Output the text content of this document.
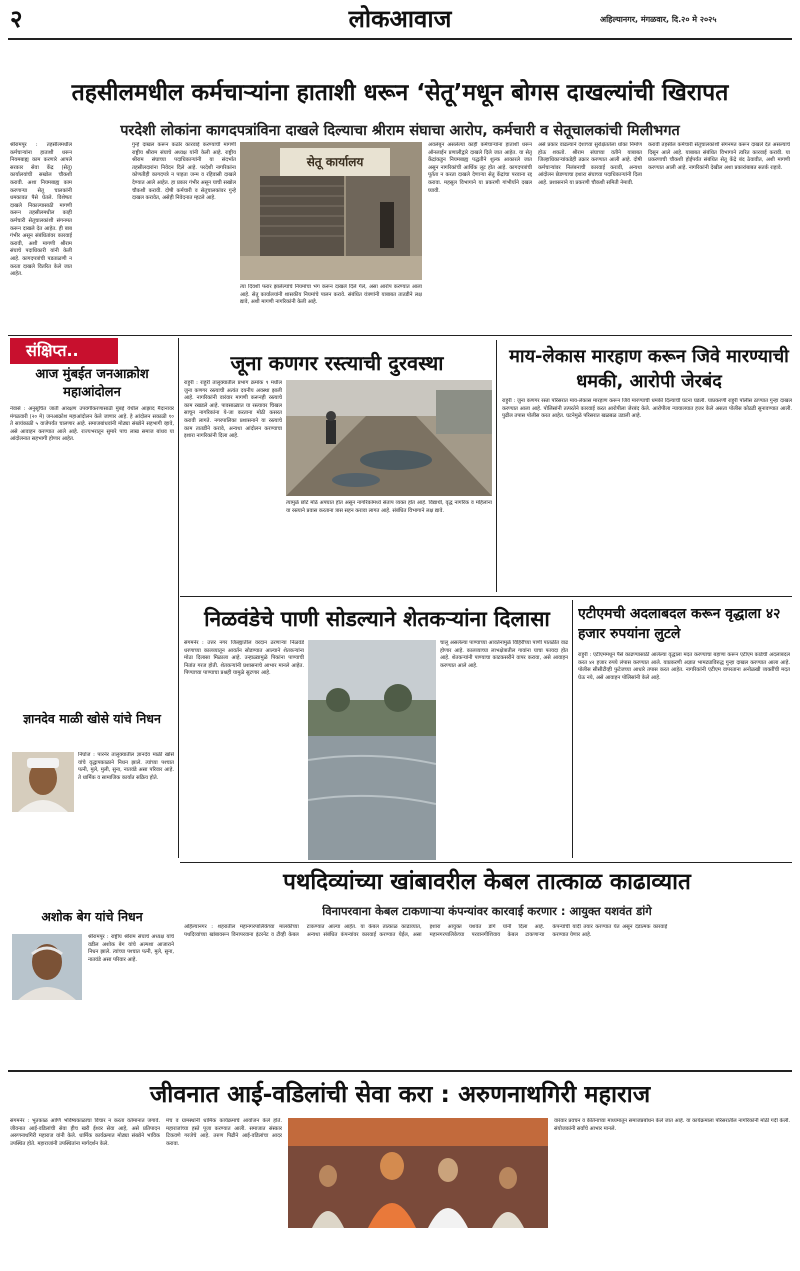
२	लोकआवाज	अहिल्यानगर, मंगळवार, दि.२० मे २०२५
तहसीलमधील कर्मचाऱ्यांना हाताशी धरून ‘सेतू’मधून बोगस दाखल्यांची खिरापत
परदेशी लोकांना कागदपत्रांविना दाखले दिल्याचा श्रीराम संघाचा आरोप, कर्मचारी व सेतूचालकांची मिलीभगत
श्रीरामपूर : तहसीलमधील कर्मचाऱ्यांना हाताशी धरून नियमबाह्य काम करणारे आपले सरकार सेवा केंद्र (सेतू) कार्यालयांची सखोल चौकशी करावी. अशा नियमबाह्य काम करणाऱ्या सेतू चालकांनी धमकावत पैसे घेतले. विशेषतः दाखले निकाल्यासाठी मागणी करून तहसीलमधील काही कर्मचारी सेतूचालकांशी संगनमत करून दाखले देत आहेत. ही बाब गंभीर असून संबंधितांवर कारवाई करावी, अशी मागणी श्रीराम संघाचे पदाधिकारी यांनी केली आहे. कागदपत्रांची पडताळणी न करता दाखले वितरित केले जात आहेत.
गुन्हे दाखल करून कठोर कारवाई करण्याची मागणी राष्ट्रीय श्रीराम संघाचे अध्यक्ष यांनी केली आहे. राष्ट्रीय श्रीराम संघाच्या पदाधिकाऱ्यांनी या संदर्भात तहसीलदारांना निवेदन दिले आहे. परदेशी नागरिकांना कोणतीही कागदपत्रे न पाहता जन्म व रहिवासी दाखले देण्यात आले आहेत. हा प्रकार गंभीर असून याची सखोल चौकशी करावी. दोषी कर्मचारी व सेतूचालकांवर गुन्हे दाखल करावेत, असेही निवेदनात म्हटले आहे.
सेतू कार्यालय
त्या दिवशी फरार झालेल्यांचे नियमांचा भंग करून दाखले दिले गेले, असा आरोप करण्यात आला आहे. सेतू कार्यालयांनी शासकीय नियमांचे पालन करावे. संबंधित यंत्रणांनी याबाबत तातडीने लक्ष द्यावे, अशी मागणी नागरिकांनी केली आहे.
अवलंबून असलेल्या काही कर्मचाऱ्यांना हाताशी धरून ऑनलाईन प्रणालीद्वारे दाखले दिले जात आहेत. या सेतू केंद्रांकडून नियमबाह्य पद्धतीने शुल्क आकारले जात असून नागरिकांची आर्थिक लूट होत आहे. कागदपत्रांची पूर्तता न करता दाखले देणाऱ्या सेतू केंद्रांचा परवाना रद्द करावा. महसूल विभागाने या प्रकरणी गांभीर्याने दखल घ्यावी.
असे प्रकार वाढल्याने देशाच्या सुरक्षिततेला धोका निर्माण होऊ शकतो. श्रीराम संघाच्या वतीने याबाबत जिल्हाधिकाऱ्यांकडेही तक्रार करण्यात आली आहे. दोषी कर्मचाऱ्यांवर निलंबनाची कारवाई करावी, अन्यथा आंदोलन छेडण्याचा इशारा संघाच्या पदाधिकाऱ्यांनी दिला आहे. प्रशासनाने या प्रकरणी चौकशी समिती नेमावी.
करावी तहसील कर्मचारी सेतूचालकांशी संगनमत करून दाखले देत असल्याचे दिसून आले आहे. याबाबत संबंधित विभागाने त्वरित कारवाई करावी. या प्रकरणाची चौकशी होईपर्यंत संबंधित सेतू केंद्रे बंद ठेवावीत, अशी मागणी करण्यात आली आहे. नागरिकांनी देखील अशा प्रकारांबाबत सतर्क राहावे.
संक्षिप्त..
आज मुंबईत जनआक्रोश महाआंदोलन
नेवासे : अनुसूचित जाती आरक्षण उपवर्गीकरणासाठी मुंबई येथील आझाद मैदानावर मंगळवारी (२० मे) जनआक्रोश महाआंदोलन केले जाणार आहे. हे आंदोलन सकाळी १० ते सायंकाळी ५ वाजेपर्यंत चालणार आहे. समाजबांधवांनी मोठ्या संख्येने सहभागी व्हावे, असे आवाहन करण्यात आले आहे. राज्यभरातून सुमारे पाच लाख समाज बांधव या आंदोलनात सहभागी होणार आहेत.
ज्ञानदेव माळी खोसे यांचे निधन
निघोज : पारनेर तालुक्यातील ज्ञानदेव माळी खोसे यांचे वृद्धापकाळाने निधन झाले. त्यांच्या पश्चात पत्नी, मुले, मुली, सुना, नातवंडे असा परिवार आहे. ते धार्मिक व सामाजिक कार्यात सक्रिय होते.
अशोक बेग यांचे निधन
श्रीरामपूर : राष्ट्रीय श्रीराम संघाचे अध्यक्ष यांचे वडील अशोक बेग यांचे अल्पशा आजाराने निधन झाले. त्यांच्या पश्चात पत्नी, मुले, सुना, नातवंडे असा परिवार आहे.
जूना कणगर रस्त्याची दुरवस्था
राहुरी : राहुरी तालुक्यातील प्रभाग क्रमांक ९ मधील जुना कणगर रस्त्याची अत्यंत दयनीय अवस्था झाली आहे. नागरिकांनी वारंवार मागणी करूनही रस्त्याचे काम रखडले आहे. पावसाळ्यात या रस्त्यावर चिखल साचून नागरिकांना ये-जा करताना मोठी कसरत करावी लागते. नगरपालिका प्रशासनाने या रस्त्याचे काम तातडीने करावे, अन्यथा आंदोलन करण्याचा इशारा नागरिकांनी दिला आहे.
त्यामुळे छोटे मोठे अपघात होत असून नागरिकांमध्ये संताप व्यक्त होत आहे. विद्यार्थी, वृद्ध नागरिक व महिलांना या रस्त्याने प्रवास करताना त्रास सहन करावा लागत आहे. संबंधित विभागाने लक्ष द्यावे.
माय-लेकास मारहाण करून जिवे मारण्याची धमकी, आरोपी जेरबंद
राहुरी : जुना कणगर रस्ता परिसरात माय-लेकास मारहाण करून जिवे मारण्याची धमकी दिल्याची घटना घडली. याप्रकरणी राहुरी पोलीस ठाण्यात गुन्हा दाखल करण्यात आला आहे. पोलिसांनी तत्परतेने कारवाई करत आरोपीला जेरबंद केले. आरोपीला न्यायालयात हजर केले असता पोलीस कोठडी सुनावण्यात आली. पुढील तपास पोलीस करत आहेत. घटनेमुळे परिसरात खळबळ उडाली आहे.
निळवंडेचे पाणी सोडल्याने शेतकऱ्यांना दिलासा
संगमनेर : उत्तर नगर जिल्ह्यातील वरदान ठरणाऱ्या निळवंडे धरणाच्या कालव्यातून आवर्तन सोडण्यात आल्याने शेतकऱ्यांना मोठा दिलासा मिळाला आहे. उन्हाळ्यामुळे पिकांना पाण्याची नितांत गरज होती. शेतकऱ्यांनी प्रशासनाचे आभार मानले आहेत. पिण्याच्या पाण्याचा प्रश्नही यामुळे सुटणार आहे.
चालू असलेल्या पाण्याच्या आवर्तनामुळे विहिरींच्या पाणी पातळीत वाढ होणार आहे. कालव्याच्या लाभक्षेत्रातील गावांना याचा फायदा होत आहे. शेतकऱ्यांनी पाण्याचा काटकसरीने वापर करावा, असे आवाहन करण्यात आले आहे.
एटीएमची अदलाबदल करून वृद्धाला ४२ हजार रुपयांना लुटले
राहुरी : एटीएममधून पैसे काढण्यासाठी आलेल्या वृद्धाला मदत करण्याचा बहाणा करून एटीएम कार्डची अदलाबदल करत ४२ हजार रुपये लंपास करण्यात आले. याप्रकरणी अज्ञात भामट्याविरुद्ध गुन्हा दाखल करण्यात आला आहे. पोलीस सीसीटीव्ही फुटेजच्या आधारे तपास करत आहेत. नागरिकांनी एटीएम वापरताना अनोळखी व्यक्तींची मदत घेऊ नये, असे आवाहन पोलिसांनी केले आहे.
पथदिव्यांच्या खांबावरील केबल तात्काळ काढाव्यात
विनापरवाना केबल टाकणाऱ्या कंपन्यांवर कारवाई करणार : आयुक्त यशवंत डांगे
अहिल्यानगर : शहरातील महानगरपालिकेच्या मालकीच्या पथदिव्यांच्या खांबावरून विनापरवाना इंटरनेट व टीव्ही केबल टाकण्यात आल्या आहेत. या केबल तात्काळ काढाव्यात, अन्यथा संबंधित कंपन्यांवर कारवाई करण्यात येईल, असा इशारा आयुक्त यशवंत डांगे यांनी दिला आहे. महानगरपालिकेच्या परवानगीशिवाय केबल टाकणाऱ्या कंपन्यांची यादी तयार करण्यात येत असून दंडात्मक कारवाई करण्यात येणार आहे.
जीवनात आई-वडिलांची सेवा करा : अरुणनाथगिरी महाराज
संगमनेर : भूतकाळ आणि भविष्यकाळाचा विचार न करता वर्तमानात जगावे. जीवनात आई-वडिलांची सेवा हीच खरी ईश्वर सेवा आहे, असे प्रतिपादन अरुणनाथगिरी महाराज यांनी केले. धार्मिक कार्यक्रमात मोठ्या संख्येने भाविक उपस्थित होते. महाराजांनी उपस्थितांना मार्गदर्शन केले.
मंच व ग्रामस्थांनी धार्मिक कार्यक्रमाचे आयोजन केले होते. महाराजांच्या हस्ते पूजा करण्यात आली. समाजात संस्कार टिकवणे गरजेचे आहे. तरुण पिढीने आई-वडिलांचा आदर करावा.
वारंवार प्रवचन व कीर्तनाच्या माध्यमातून समाजप्रबोधन केले जात आहे. या कार्यक्रमाला परिसरातील नागरिकांनी मोठी गर्दी केली. संयोजकांनी सर्वांचे आभार मानले.
